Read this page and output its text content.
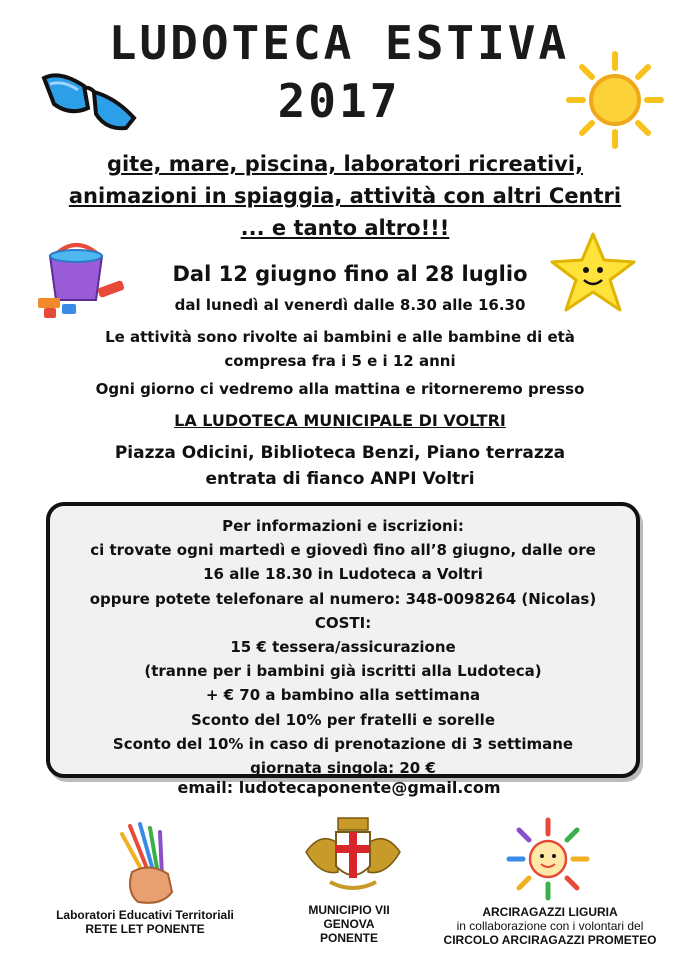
LUDOTECA ESTIVA
2017
gite, mare, piscina, laboratori ricreativi, animazioni in spiaggia, attività con altri Centri ... e tanto altro!!!
Dal 12 giugno fino al 28 luglio
dal lunedì al venerdì dalle 8.30 alle 16.30
Le attività sono rivolte ai bambini e alle bambine di età compresa fra i 5 e i 12 anni
Ogni giorno ci vedremo alla mattina e ritorneremo presso
LA LUDOTECA MUNICIPALE DI VOLTRI
Piazza Odicini, Biblioteca Benzi, Piano terrazza
entrata di fianco ANPI Voltri
Per informazioni e iscrizioni:
ci trovate ogni martedì e giovedì fino all’8 giugno, dalle ore
16 alle 18.30 in Ludoteca a Voltri
oppure potete telefonare al numero: 348-0098264 (Nicolas)
COSTI:
15 € tessera/assicurazione
(tranne per i bambini già iscritti alla Ludoteca)
+ € 70 a bambino alla settimana
Sconto del 10% per fratelli e sorelle
Sconto del 10% in caso di prenotazione di 3 settimane
giornata singola: 20 €
email: ludotecaponente@gmail.com
Laboratori Educativi Territoriali
RETE LET PONENTE
MUNICIPIO VII
GENOVA
PONENTE
ARCIRAGAZZI LIGURIA
in collaborazione con i volontari del
CIRCOLO ARCIRAGAZZI PROMETEO
